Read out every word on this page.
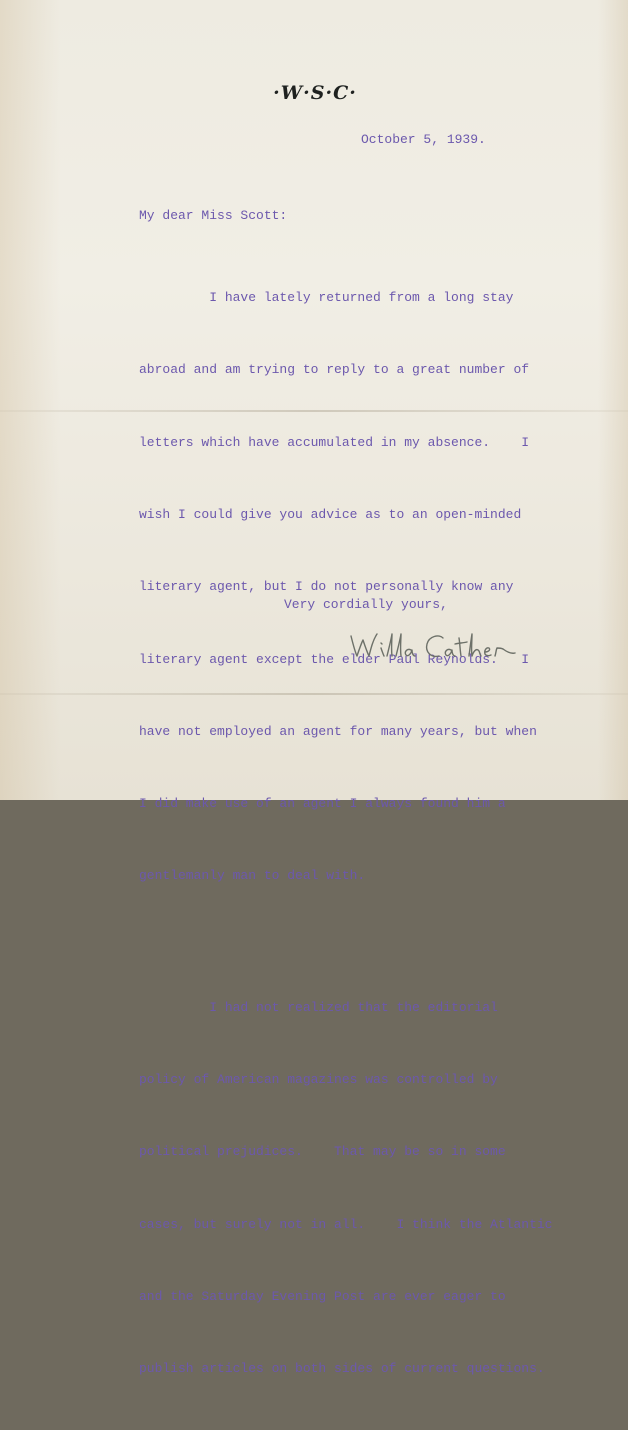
·W·S·C·
October 5, 1939.
My dear Miss Scott:

I have lately returned from a long stay

abroad and am trying to reply to a great number of

letters which have accumulated in my absence.    I

wish I could give you advice as to an open-minded

literary agent, but I do not personally know any

literary agent except the elder Paul Reynolds.   I

have not employed an agent for many years, but when

I did make use of an agent I always found him a

gentlemanly man to deal with.

I had not realized that the editorial

policy of American magazines was controlled by

political prejudices.    That may be so in some

cases, but surely not in all.    I think the Atlantic

and the Saturday Evening Post are ever eager to

publish articles on both sides of current questions.

Very cordially yours,
